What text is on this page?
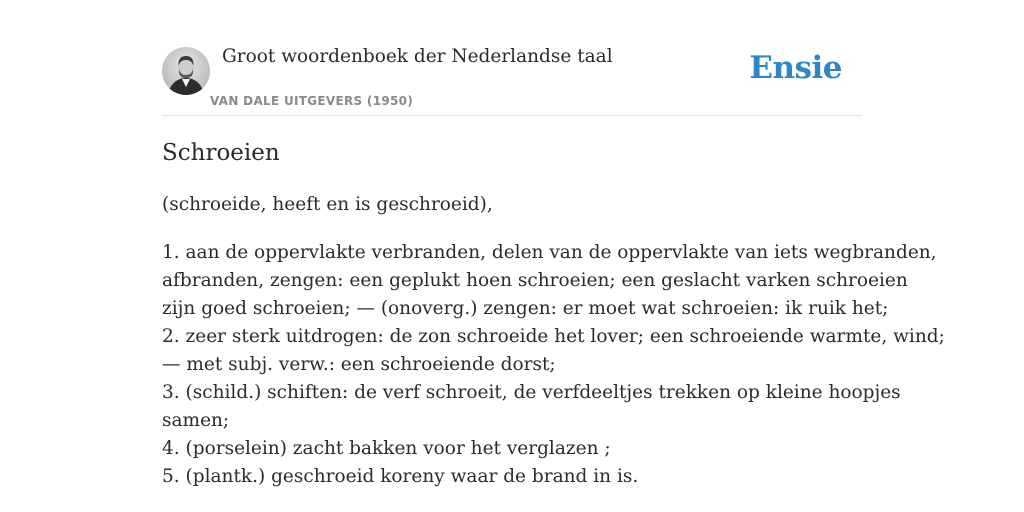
Groot woordenboek der Nederlandse taal
VAN DALE UITGEVERS (1950)
Ensie
Schroeien
(schroeide, heeft en is geschroeid),
1. aan de oppervlakte verbranden, delen van de oppervlakte van iets wegbranden,
afbranden, zengen: een geplukt hoen schroeien; een geslacht varken schroeien
zijn goed schroeien; — (onoverg.) zengen: er moet wat schroeien: ik ruik het;
2. zeer sterk uitdrogen: de zon schroeide het lover; een schroeiende warmte, wind;
— met subj. verw.: een schroeiende dorst;
3. (schild.) schiften: de verf schroeit, de verfdeeltjes trekken op kleine hoopjes
samen;
4. (porselein) zacht bakken voor het verglazen ;
5. (plantk.) geschroeid koreny waar de brand in is.
